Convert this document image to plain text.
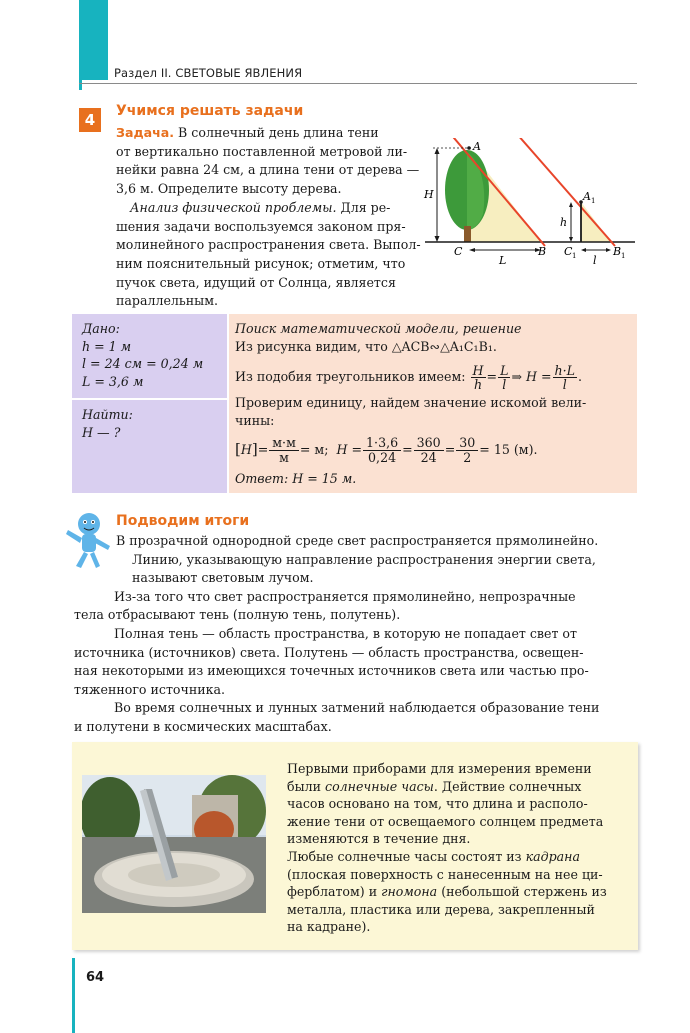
Раздел II. СВЕТОВЫЕ ЯВЛЕНИЯ
4	Учимся решать задачи
Задача. В солнечный день длина тени
от вертикально поставленной метровой ли-
нейки равна 24 см, а длина тени от дерева —
3,6 м. Определите высоту дерева.
Анализ физической проблемы. Для ре-
шения задачи воспользуемся законом пря-
молинейного распространения света. Выпол-
ним пояснительный рисунок; отметим, что
пучок света, идущий от Солнца, является
параллельным.
A
H
C	B
L
A 1
h
C 1	B 1
l
Дано:
h = 1 м
l = 24 см = 0,24 м
L = 3,6 м
Найти:
H — ?
Поиск математической модели, решение
Из рисунка видим, что △ACB∾△A₁C₁B₁.
Из подобия треугольников имеем: $\frac{H}{h} = \frac{L}{l}$ ⇒ $H = \frac{h\cdot L}{l}$ .
Проверим единицу, найдем значение искомой вели-
чины:
$[H]= \frac{м\cdot м}{м} = м$; $H = \frac{1\cdot 3,6}{0,24} = \frac{360}{24} = \frac{30}{2} = 15$ (м).
Ответ: H = 15 м.
Подводим итоги
В прозрачной однородной среде свет распространяется прямолинейно.
Линию, указывающую направление распространения энергии света,
называют световым лучом.
Из-за того что свет распространяется прямолинейно, непрозрачные
тела отбрасывают тень (полную тень, полутень).
Полная тень — область пространства, в которую не попадает свет от
источника (источников) света. Полутень — область пространства, освещен-
ная некоторыми из имеющихся точечных источников света или частью про-
тяженного источника.
Во время солнечных и лунных затмений наблюдается образование тени
и полутени в космических масштабах.
Первыми приборами для измерения времени
были солнечные часы. Действие солнечных
часов основано на том, что длина и располо-
жение тени от освещаемого солнцем предмета
изменяются в течение дня.
Любые солнечные часы состоят из кадрана
(плоская поверхность с нанесенным на нее ци-
ферблатом) и гномона (небольшой стержень из
металла, пластика или дерева, закрепленный
на кадране).
64
